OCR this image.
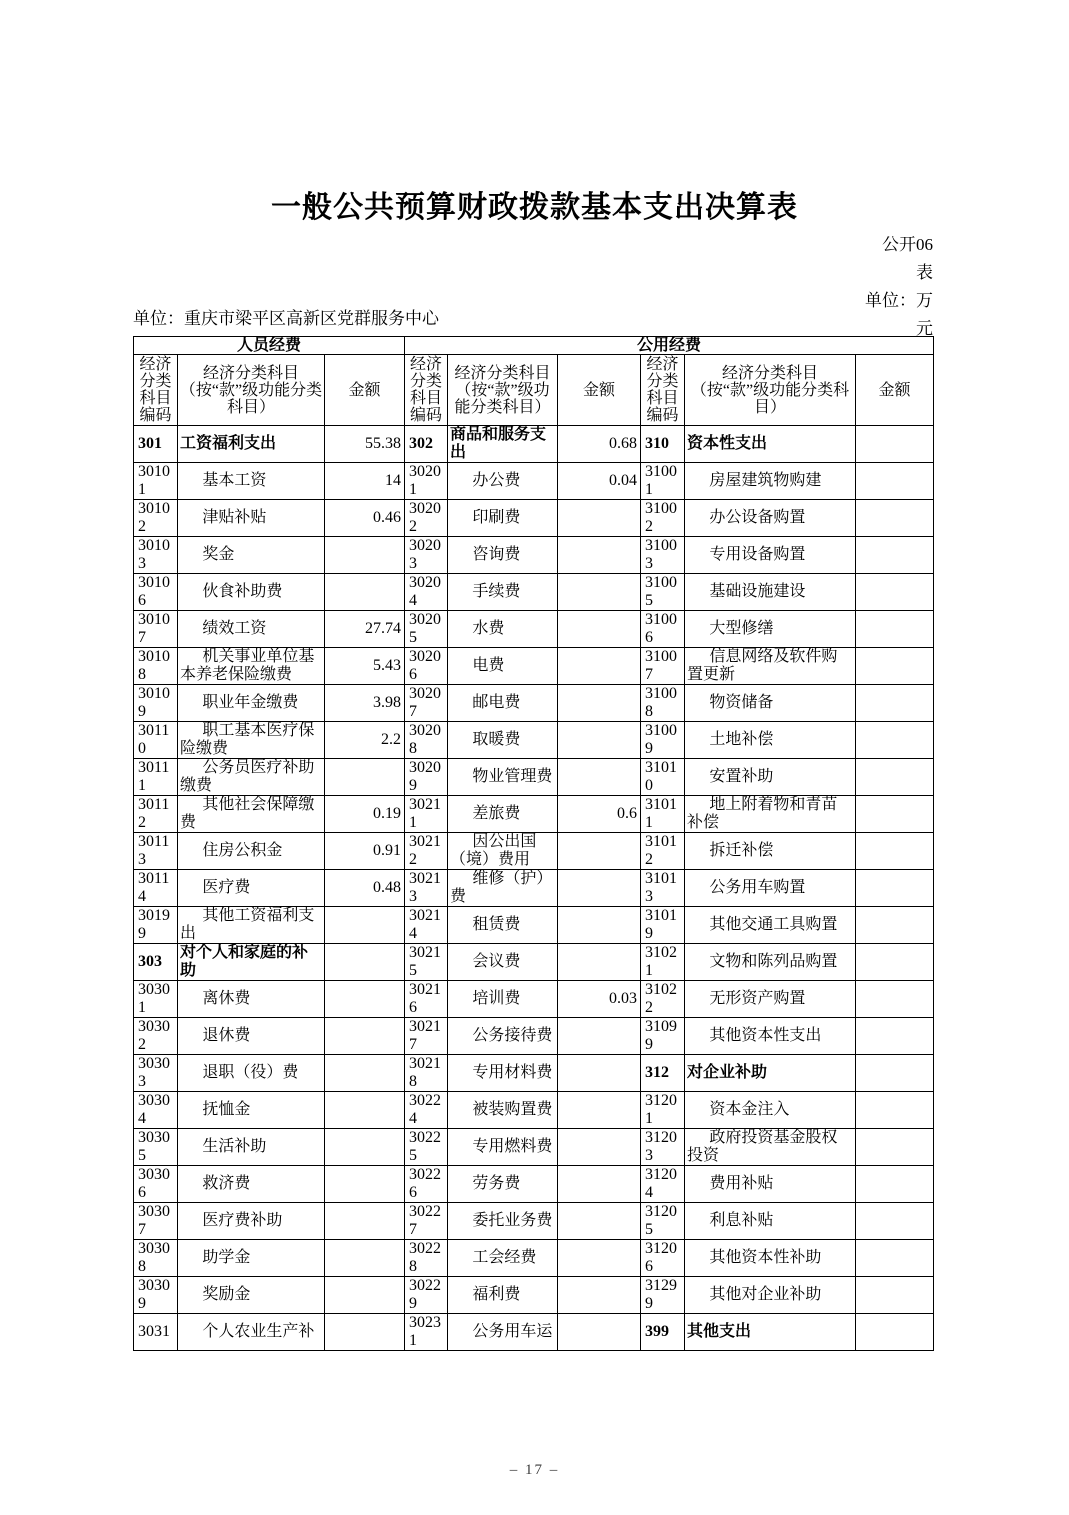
一般公共预算财政拨款基本支出决算表
公开06
表
单位：万
元
单位：重庆市梁平区高新区党群服务中心
人员经费			公用经费					
经济分类科目编码	经济分类科目（按“款”级功能分类科目）	金额	经济分类科目编码	经济分类科目（按“款”级功能分类科目）	金额	经济分类科目编码	经济分类科目（按“款”级功能分类科目）	金额
301	工资福利支出	55.38	302	商品和服务支出	0.68	310	资本性支出	
30101	基本工资	14	30201	办公费	0.04	31001	房屋建筑物购建	
30102	津贴补贴	0.46	30202	印刷费		31002	办公设备购置	
30103	奖金		30203	咨询费		31003	专用设备购置	
30106	伙食补助费		30204	手续费		31005	基础设施建设	
30107	绩效工资	27.74	30205	水费		31006	大型修缮	
30108	机关事业单位基本养老保险缴费	5.43	30206	电费		31007	信息网络及软件购置更新	
30109	职业年金缴费	3.98	30207	邮电费		31008	物资储备	
30110	职工基本医疗保险缴费	2.2	30208	取暖费		31009	土地补偿	
30111	公务员医疗补助缴费		30209	物业管理费		31010	安置补助	
30112	其他社会保障缴费	0.19	30211	差旅费	0.6	31011	地上附着物和青苗补偿	
30113	住房公积金	0.91	30212	因公出国（境）费用		31012	拆迁补偿	
30114	医疗费	0.48	30213	维修（护）费		31013	公务用车购置	
30199	其他工资福利支出		30214	租赁费		31019	其他交通工具购置	
303	对个人和家庭的补助		30215	会议费		31021	文物和陈列品购置	
30301	离休费		30216	培训费	0.03	31022	无形资产购置	
30302	退休费		30217	公务接待费		31099	其他资本性支出	
30303	退职（役）费		30218	专用材料费		312	对企业补助	
30304	抚恤金		30224	被装购置费		31201	资本金注入	
30305	生活补助		30225	专用燃料费		31203	政府投资基金股权投资	
30306	救济费		30226	劳务费		31204	费用补贴	
30307	医疗费补助		30227	委托业务费		31205	利息补贴	
30308	助学金		30228	工会经费		31206	其他资本性补助	
30309	奖励金		30229	福利费		31299	其他对企业补助	
3031	个人农业生产补		30231	公务用车运		399	其他支出	
– 17 –
